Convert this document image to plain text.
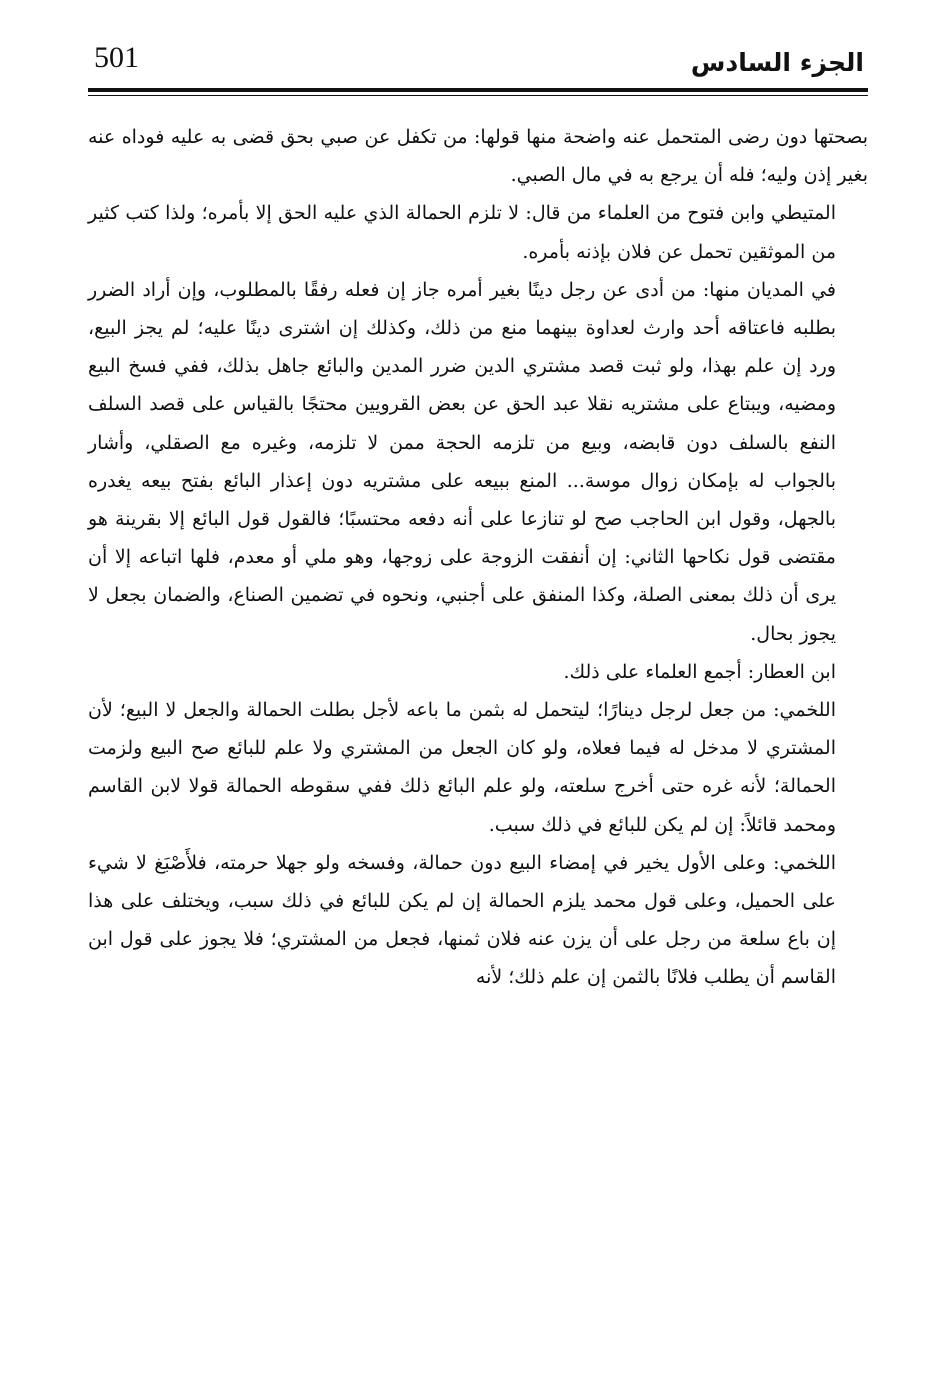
501	الجزء السادس

بصحتها دون رضى المتحمل عنه واضحة منها قولها: من تكفل عن صبي بحق قضى به عليه فوداه عنه بغير إذن وليه؛ فله أن يرجع به في مال الصبي.

المتيطي وابن فتوح من العلماء من قال: لا تلزم الحمالة الذي عليه الحق إلا بأمره؛ ولذا كتب كثير من الموثقين تحمل عن فلان بإذنه بأمره.

في المديان منها: من أدى عن رجل دينًا بغير أمره جاز إن فعله رفقًا بالمطلوب، وإن أراد الضرر بطلبه فاعتاقه أحد وارث لعداوة بينهما منع من ذلك، وكذلك إن اشترى دينًا عليه؛ لم يجز البيع، ورد إن علم بهذا، ولو ثبت قصد مشتري الدين ضرر المدين والبائع جاهل بذلك، ففي فسخ البيع ومضيه، ويبتاع على مشتريه نقلا عبد الحق عن بعض القرويين محتجًا بالقياس على قصد السلف النفع بالسلف دون قابضه، وبيع من تلزمه الحجة ممن لا تلزمه، وغيره مع الصقلي، وأشار بالجواب له بإمكان زوال موسة... المنع ببيعه على مشتريه دون إعذار البائع بفتح بيعه يغدره بالجهل، وقول ابن الحاجب صح لو تنازعا على أنه دفعه محتسبًا؛ فالقول قول البائع إلا بقرينة هو مقتضى قول نكاحها الثاني: إن أنفقت الزوجة على زوجها، وهو ملي أو معدم، فلها اتباعه إلا أن يرى أن ذلك بمعنى الصلة، وكذا المنفق على أجنبي، ونحوه في تضمين الصناع، والضمان بجعل لا يجوز بحال.

ابن العطار: أجمع العلماء على ذلك.

اللخمي: من جعل لرجل دينارًا؛ ليتحمل له بثمن ما باعه لأجل بطلت الحمالة والجعل لا البيع؛ لأن المشتري لا مدخل له فيما فعلاه، ولو كان الجعل من المشتري ولا علم للبائع صح البيع ولزمت الحمالة؛ لأنه غره حتى أخرج سلعته، ولو علم البائع ذلك ففي سقوطه الحمالة قولا لابن القاسم ومحمد قائلاً: إن لم يكن للبائع في ذلك سبب.

اللخمي: وعلى الأول يخير في إمضاء البيع دون حمالة، وفسخه ولو جهلا حرمته، فلأَصْبَغ لا شيء على الحميل، وعلى قول محمد يلزم الحمالة إن لم يكن للبائع في ذلك سبب، ويختلف على هذا إن باع سلعة من رجل على أن يزن عنه فلان ثمنها، فجعل من المشتري؛ فلا يجوز على قول ابن القاسم أن يطلب فلانًا بالثمن إن علم ذلك؛ لأنه
